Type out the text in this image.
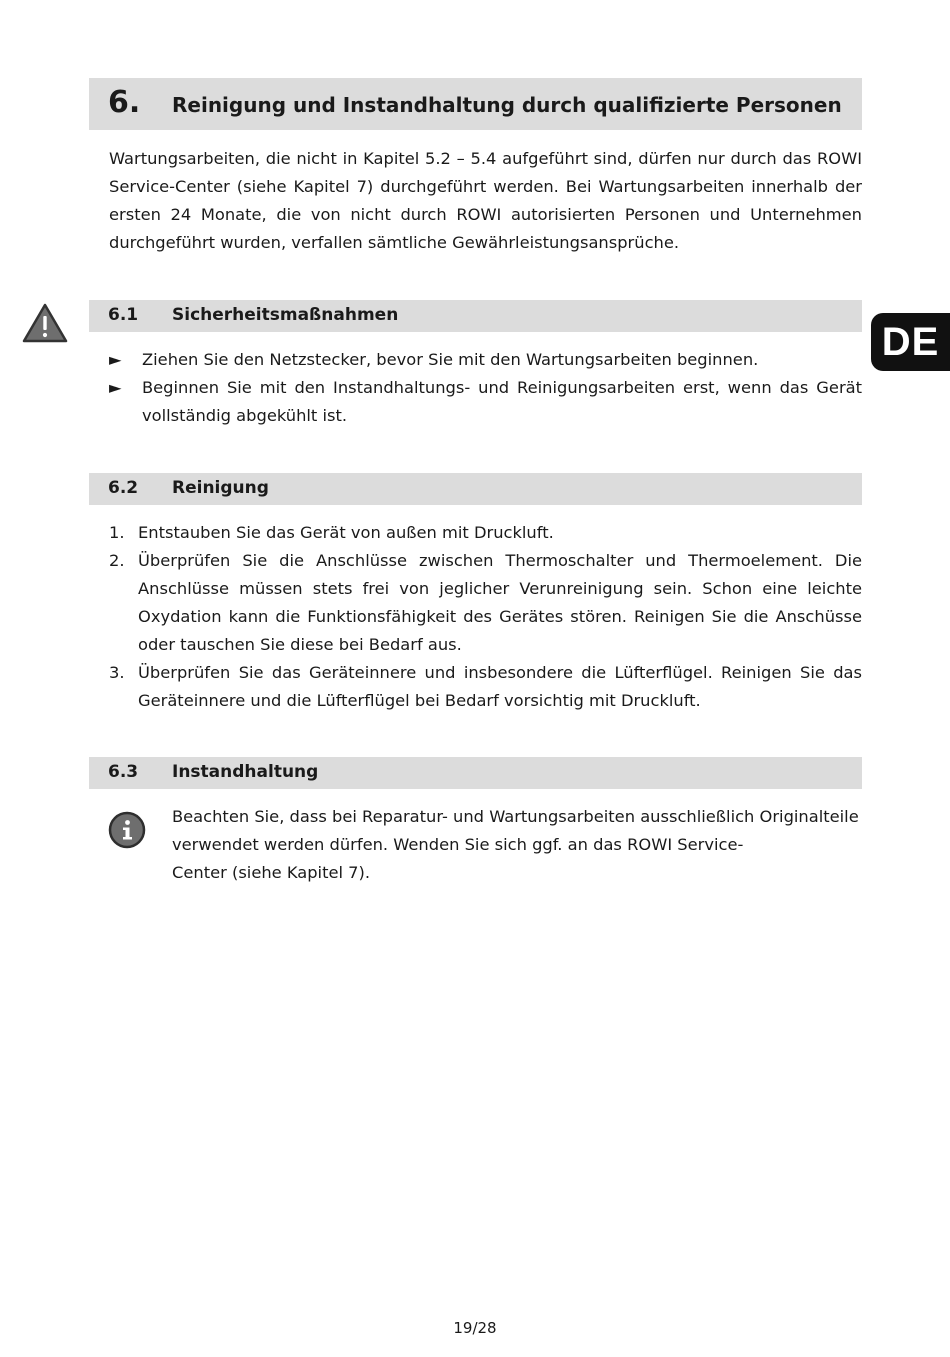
6. Reinigung und Instandhaltung durch qualifizierte Personen

Wartungsarbeiten, die nicht in Kapitel 5.2 – 5.4 aufgeführt sind, dürfen nur durch das ROWI Service-Center (siehe Kapitel 7) durchgeführt werden. Bei Wartungsarbeiten innerhalb der ersten 24 Monate, die von nicht durch ROWI autorisierten Personen und Unternehmen durchgeführt wurden, verfallen sämtliche Gewährleistungsansprüche.

DE
6.1 Sicherheitsmaßnahmen
► Ziehen Sie den Netzstecker, bevor Sie mit den Wartungsarbeiten beginnen.
► Beginnen Sie mit den Instandhaltungs- und Reinigungsarbeiten erst, wenn das Gerät vollständig abgekühlt ist.
6.2 Reinigung
1. Entstauben Sie das Gerät von außen mit Druckluft.
2. Überprüfen Sie die Anschlüsse zwischen Thermoschalter und Thermoelement. Die Anschlüsse müssen stets frei von jeglicher Verunreinigung sein. Schon eine leichte Oxydation kann die Funktionsfähigkeit des Gerätes stören. Reinigen Sie die Anschüsse oder tauschen Sie diese bei Bedarf aus.
3. Überprüfen Sie das Geräteinnere und insbesondere die Lüfterflügel. Reinigen Sie das Geräteinnere und die Lüfterflügel bei Bedarf vorsichtig mit Druckluft.
6.3 Instandhaltung

Beachten Sie, dass bei Reparatur- und Wartungsarbeiten ausschließlich Originalteile
verwendet werden dürfen. Wenden Sie sich ggf. an das ROWI Service-
Center (siehe Kapitel 7).

19/28
